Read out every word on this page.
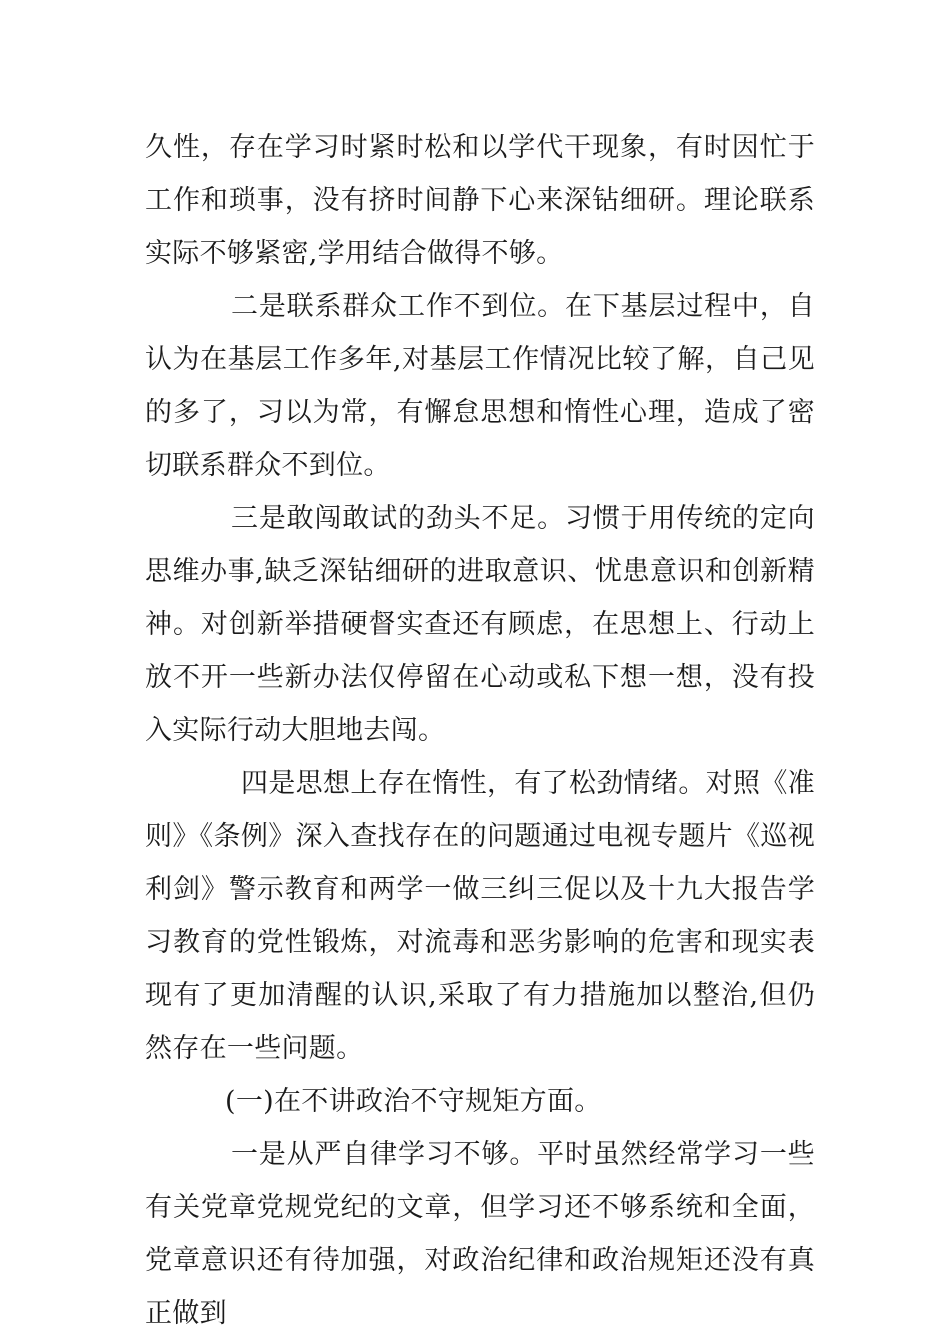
久性，存在学习时紧时松和以学代干现象，有时因忙于工作和琐事，没有挤时间静下心来深钻细研。理论联系实际不够紧密,学用结合做得不够。

二是联系群众工作不到位。在下基层过程中，自认为在基层工作多年,对基层工作情况比较了解，自己见的多了，习以为常，有懈怠思想和惰性心理，造成了密切联系群众不到位。

三是敢闯敢试的劲头不足。习惯于用传统的定向思维办事,缺乏深钻细研的进取意识、忧患意识和创新精神。对创新举措硬督实查还有顾虑，在思想上、行动上放不开一些新办法仅停留在心动或私下想一想，没有投入实际行动大胆地去闯。

四是思想上存在惰性，有了松劲情绪。对照《准则》《条例》深入查找存在的问题通过电视专题片《巡视利剑》警示教育和两学一做三纠三促以及十九大报告学习教育的党性锻炼，对流毒和恶劣影响的危害和现实表现有了更加清醒的认识,采取了有力措施加以整治,但仍然存在一些问题。

(一)在不讲政治不守规矩方面。

一是从严自律学习不够。平时虽然经常学习一些有关党章党规党纪的文章，但学习还不够系统和全面，党章意识还有待加强，对政治纪律和政治规矩还没有真正做到
